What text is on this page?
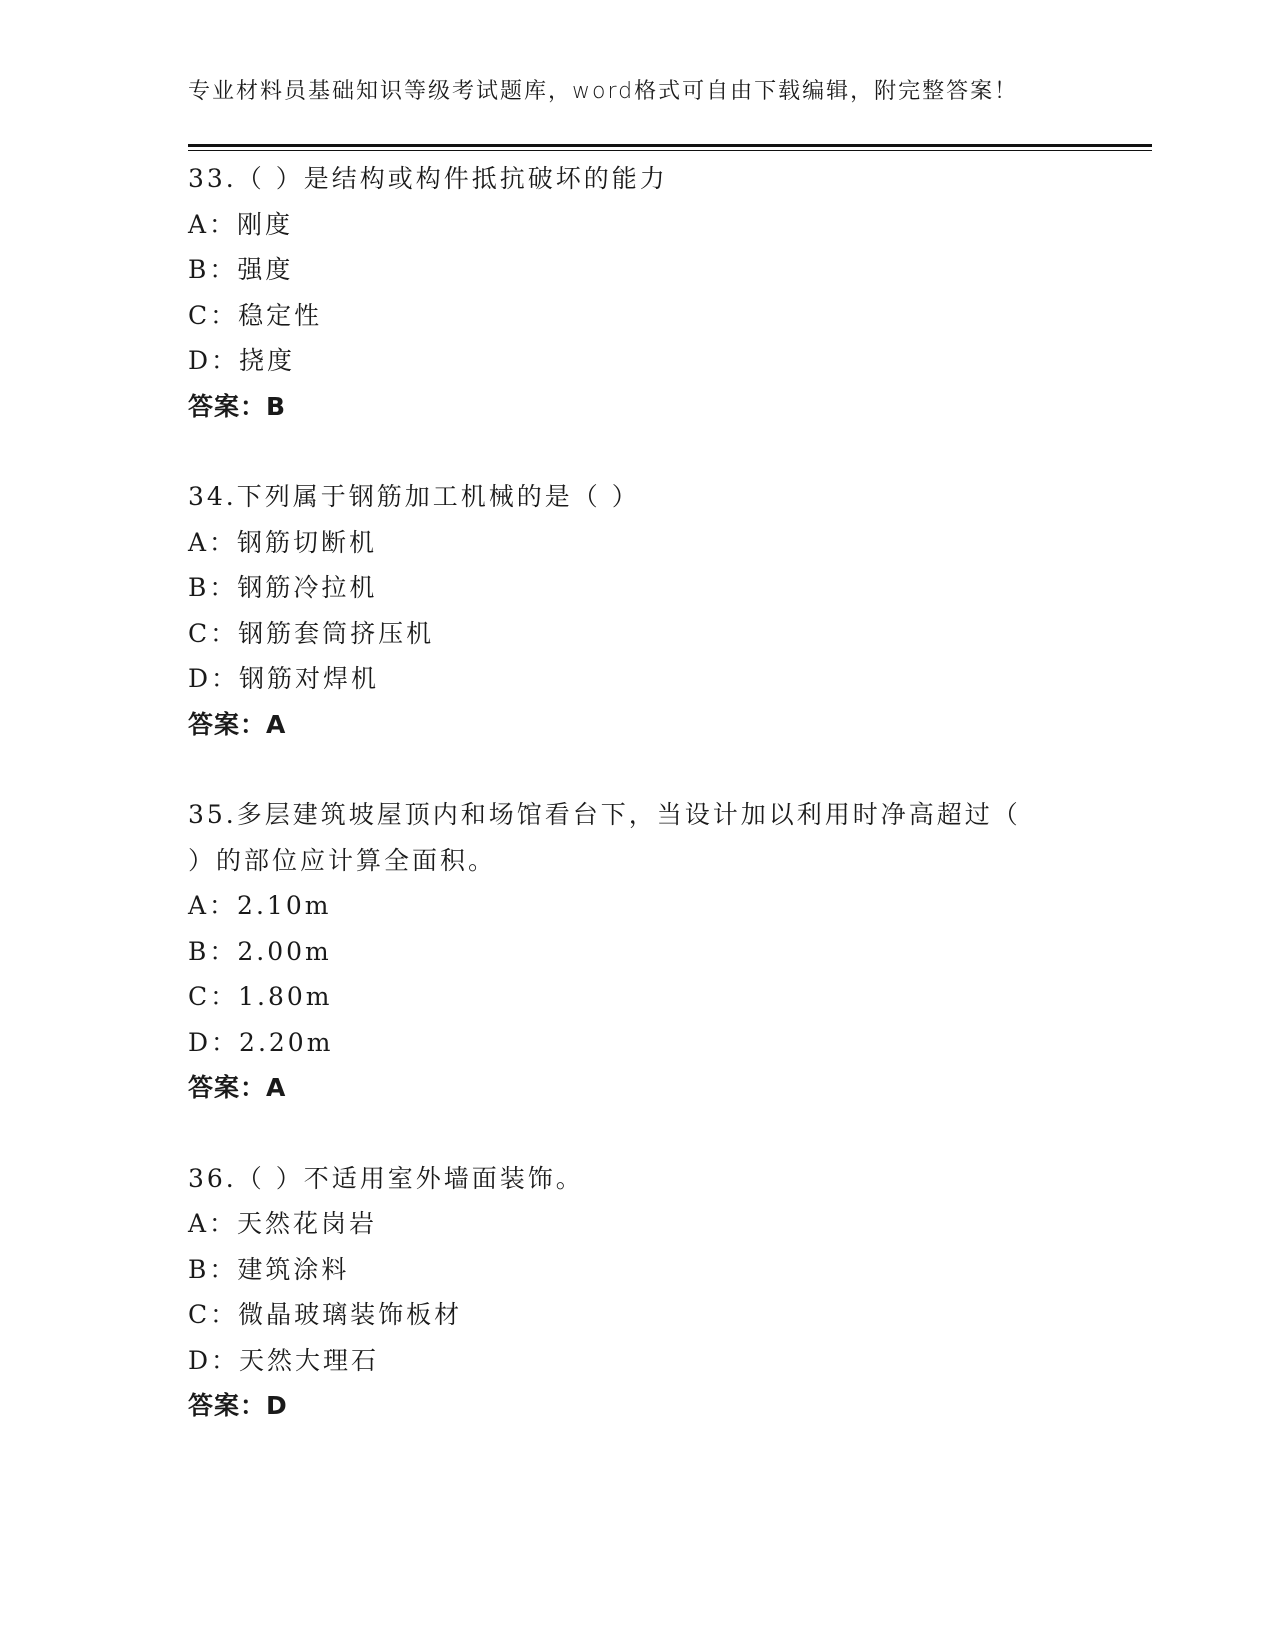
专业材料员基础知识等级考试题库，word格式可自由下载编辑，附完整答案！
33.（ ）是结构或构件抵抗破坏的能力
A：刚度
B：强度
C：稳定性
D：挠度
答案：B
34.下列属于钢筋加工机械的是（ ）
A：钢筋切断机
B：钢筋冷拉机
C：钢筋套筒挤压机
D：钢筋对焊机
答案：A
35.多层建筑坡屋顶内和场馆看台下，当设计加以利用时净高超过（
）的部位应计算全面积。
A：2.10m
B：2.00m
C：1.80m
D：2.20m
答案：A
36.（ ）不适用室外墙面装饰。
A：天然花岗岩
B：建筑涂料
C：微晶玻璃装饰板材
D：天然大理石
答案：D
